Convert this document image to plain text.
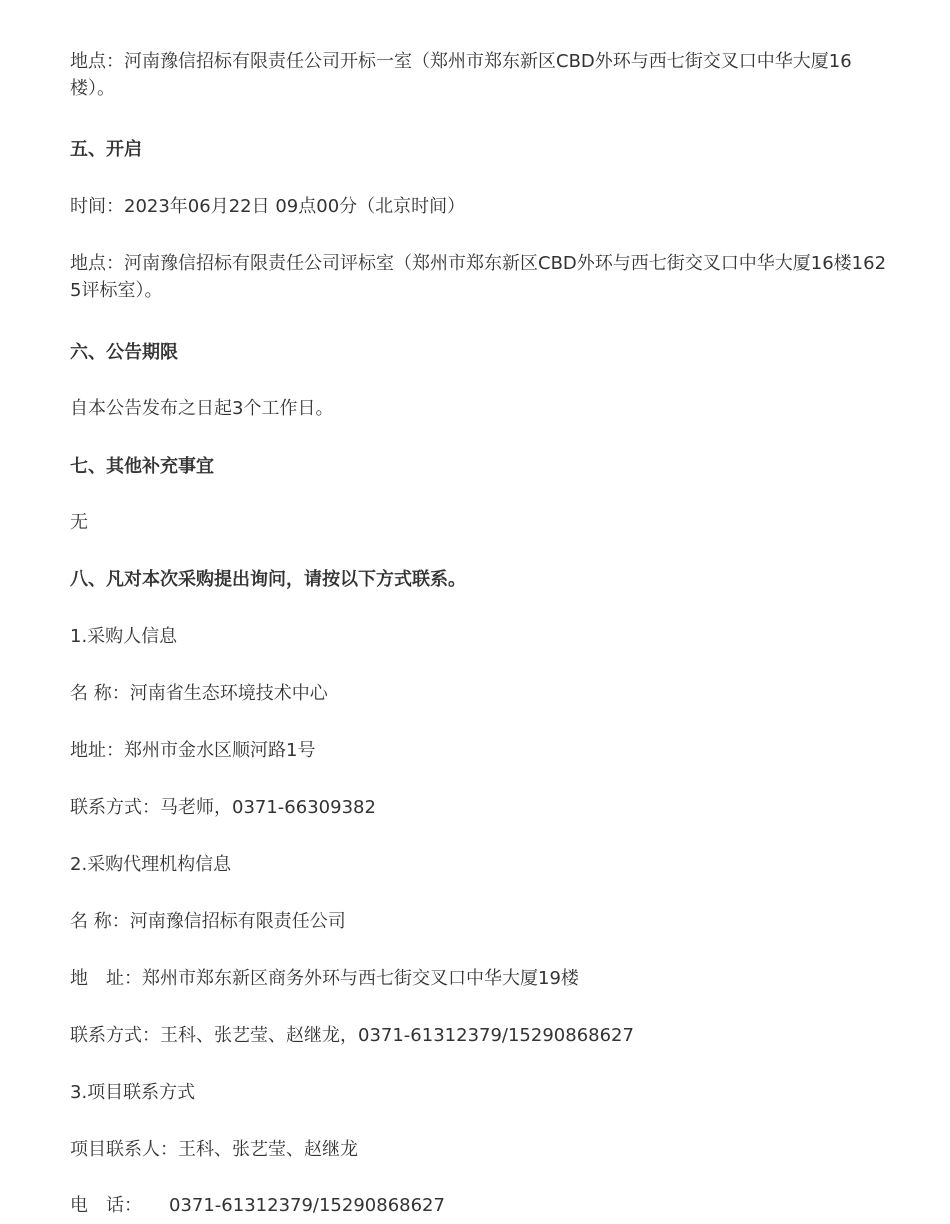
地点：河南豫信招标有限责任公司开标一室（郑州市郑东新区CBD外环与西七街交叉口中华大厦16楼）。
五、开启
时间：2023年06月22日 09点00分（北京时间）
地点：河南豫信招标有限责任公司评标室（郑州市郑东新区CBD外环与西七街交叉口中华大厦16楼1625评标室）。
六、公告期限
自本公告发布之日起3个工作日。
七、其他补充事宜
无
八、凡对本次采购提出询问，请按以下方式联系。
1.采购人信息
名 称：河南省生态环境技术中心
地址：郑州市金水区顺河路1号
联系方式：马老师，0371-66309382
2.采购代理机构信息
名 称：河南豫信招标有限责任公司
地　址：郑州市郑东新区商务外环与西七街交叉口中华大厦19楼
联系方式：王科、张艺莹、赵继龙，0371-61312379/15290868627
3.项目联系方式
项目联系人：王科、张艺莹、赵继龙
电　话：　　0371-61312379/15290868627
